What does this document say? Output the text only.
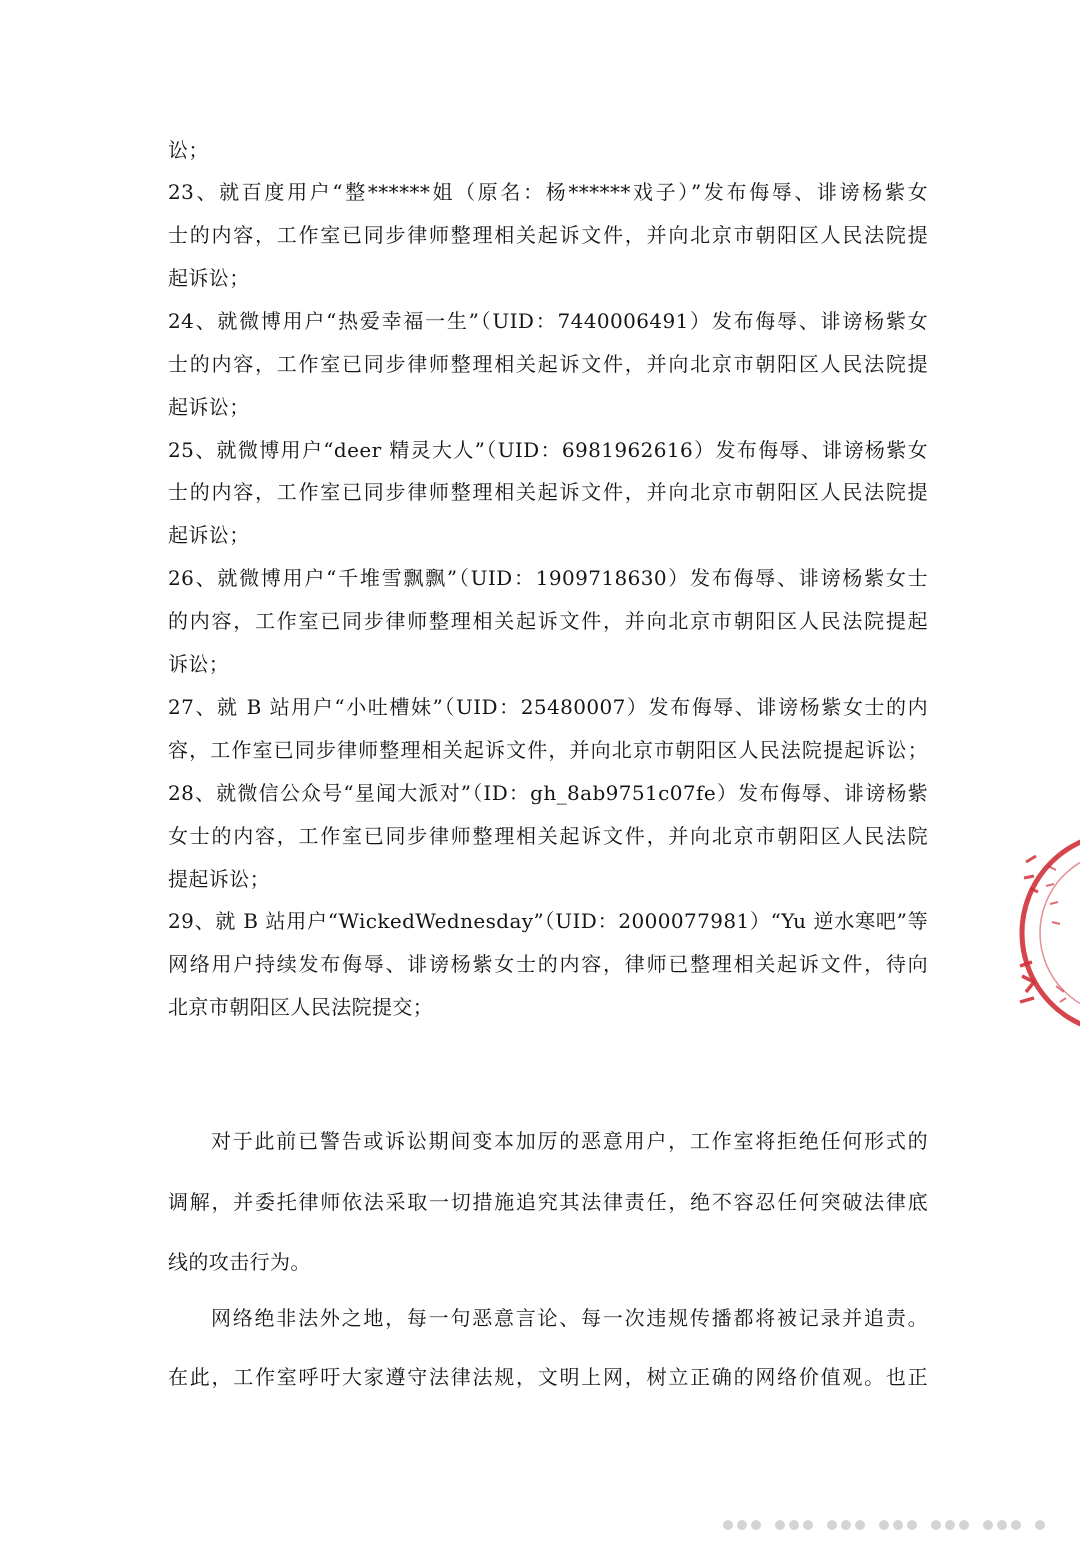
讼；
23、就百度用户“整******姐（原名：杨******戏子）”发布侮辱、诽谤杨紫女
士的内容，工作室已同步律师整理相关起诉文件，并向北京市朝阳区人民法院提
起诉讼；
24、就微博用户“热爱幸福一生”（UID：7440006491）发布侮辱、诽谤杨紫女
士的内容，工作室已同步律师整理相关起诉文件，并向北京市朝阳区人民法院提
起诉讼；
25、就微博用户“deer 精灵大人”（UID：6981962616）发布侮辱、诽谤杨紫女
士的内容，工作室已同步律师整理相关起诉文件，并向北京市朝阳区人民法院提
起诉讼；
26、就微博用户“千堆雪飘飘”（UID：1909718630）发布侮辱、诽谤杨紫女士
的内容，工作室已同步律师整理相关起诉文件，并向北京市朝阳区人民法院提起
诉讼；
27、就 B 站用户“小吐槽妹”（UID：25480007）发布侮辱、诽谤杨紫女士的内
容，工作室已同步律师整理相关起诉文件，并向北京市朝阳区人民法院提起诉讼；
28、就微信公众号“星闻大派对”（ID：gh_8ab9751c07fe）发布侮辱、诽谤杨紫
女士的内容，工作室已同步律师整理相关起诉文件，并向北京市朝阳区人民法院
提起诉讼；
29、就 B 站用户“WickedWednesday”（UID：2000077981）“Yu 逆水寒吧”等
网络用户持续发布侮辱、诽谤杨紫女士的内容，律师已整理相关起诉文件，待向
北京市朝阳区人民法院提交；
对于此前已警告或诉讼期间变本加厉的恶意用户，工作室将拒绝任何形式的
调解，并委托律师依法采取一切措施追究其法律责任，绝不容忍任何突破法律底
线的攻击行为。
网络绝非法外之地，每一句恶意言论、每一次违规传播都将被记录并追责。
在此，工作室呼吁大家遵守法律法规，文明上网，树立正确的网络价值观。也正
